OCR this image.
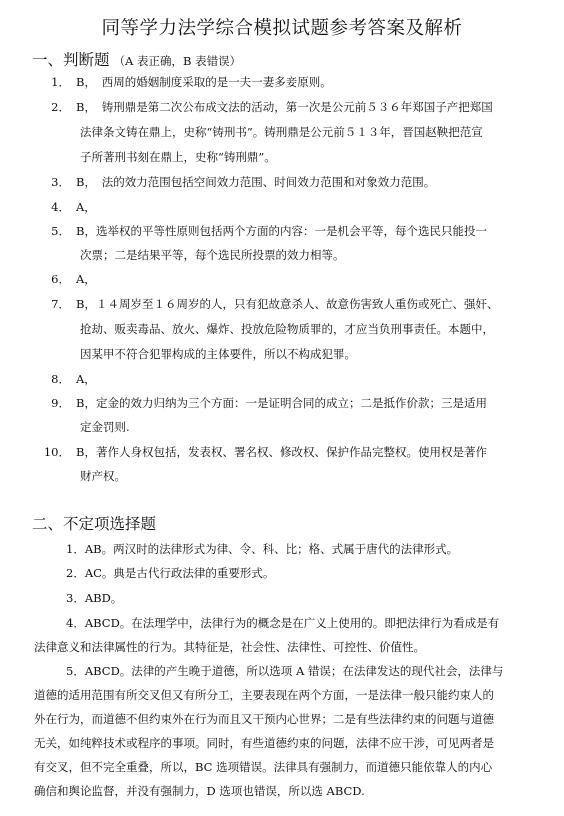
同等学力法学综合模拟试题参考答案及解析
一、判断题 （A 表正确，B 表错误）
1． B，　西周的婚姻制度采取的是一夫一妻多妾原则。
2． B，　铸刑鼎是第二次公布成文法的活动，第一次是公元前５３６年郑国子产把郑国
法律条文铸在鼎上，史称“铸刑书”。铸刑鼎是公元前５１３年，晋国赵鞅把范宣
子所著刑书刻在鼎上，史称“铸刑鼎”。
3． B，　法的效力范围包括空间效力范围、时间效力范围和对象效力范围。
4． A，
5． B，选举权的平等性原则包括两个方面的内容：一是机会平等，每个选民只能投一
次票；二是结果平等，每个选民所投票的效力相等。
6． A，
7． B，１４周岁至１６周岁的人，只有犯故意杀人、故意伤害致人重伤或死亡、强奸、
抢劫、贩卖毒品、放火、爆炸、投放危险物质罪的，才应当负刑事责任。本题中，
因某甲不符合犯罪构成的主体要件，所以不构成犯罪。
8． A，
9． B，定金的效力归纳为三个方面：一是证明合同的成立；二是抵作价款；三是适用
定金罚则.
10． B，著作人身权包括，发表权、署名权、修改权、保护作品完整权。使用权是著作
财产权。
二、不定项选择题
1．AB。两汉时的法律形式为律、令、科、比；格、式属于唐代的法律形式。
2．AC。典是古代行政法律的重要形式。
3．ABD。
4．ABCD。在法理学中，法律行为的概念是在广义上使用的。即把法律行为看成是有
法律意义和法律属性的行为。其特征是，社会性、法律性、可控性、价值性。
5．ABCD。法律的产生晚于道德，所以选项 A 错误；在法律发达的现代社会，法律与
道德的适用范围有所交叉但又有所分工，主要表现在两个方面，一是法律一般只能约束人的
外在行为，而道德不但约束外在行为而且又干预内心世界；二是有些法律约束的问题与道德
无关，如纯粹技术或程序的事项。同时，有些道德约束的问题，法律不应干涉，可见两者是
有交叉，但不完全重叠，所以，BC 选项错误。法律具有强制力，而道德只能依靠人的内心
确信和舆论监督，并没有强制力，D 选项也错误，所以选 ABCD.
